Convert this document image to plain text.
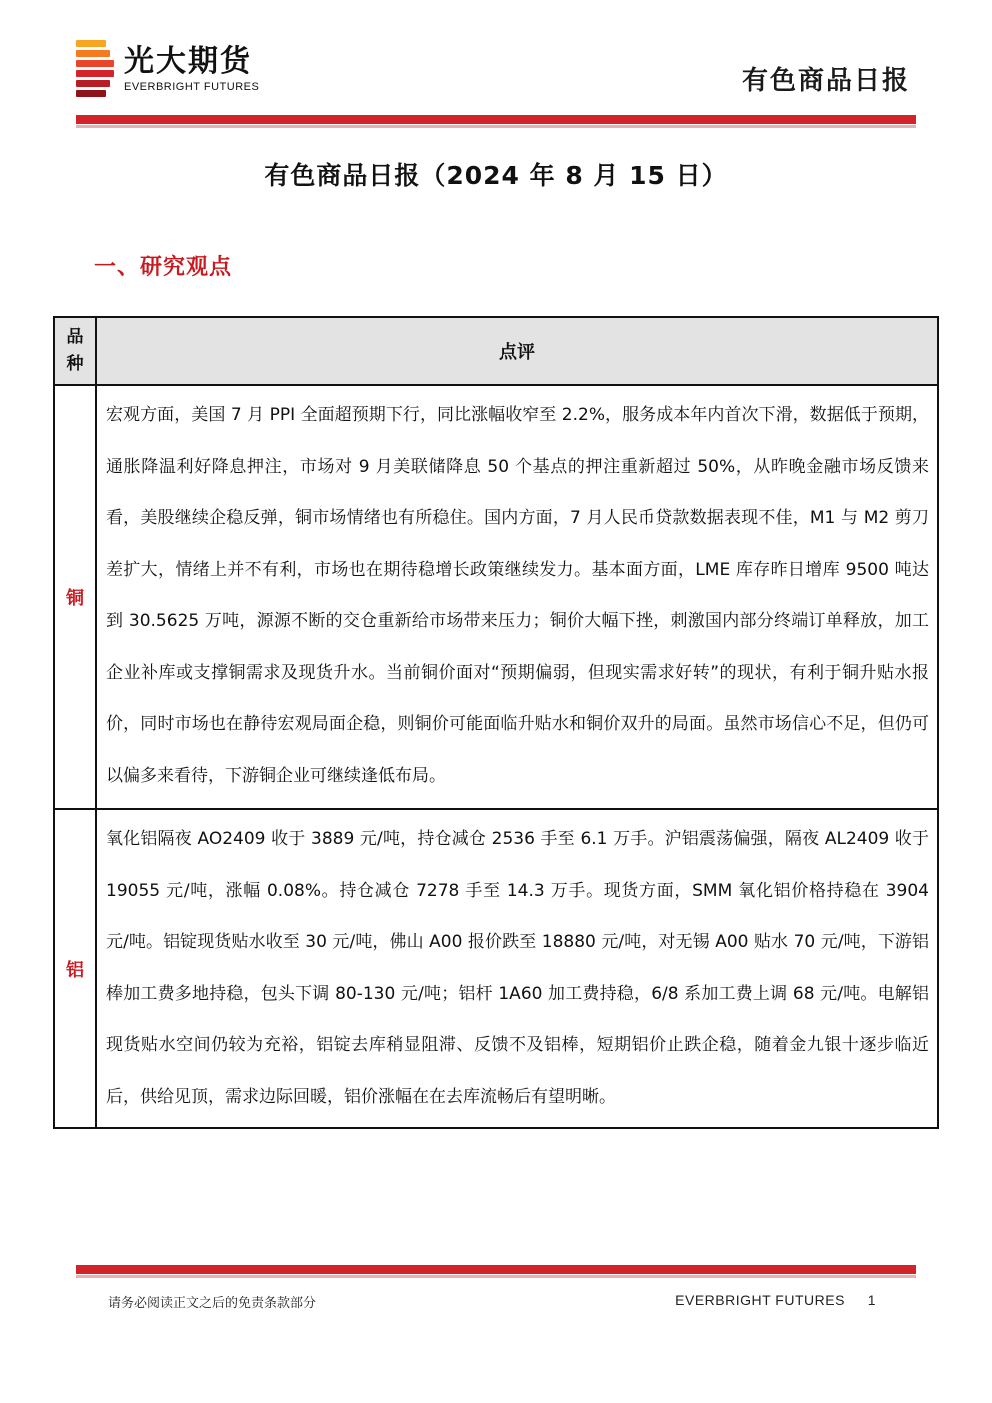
光大期货
EVERBRIGHT FUTURES	有色商品日报
有色商品日报（2024 年 8 月 15 日）
一、研究观点
品种	点评
铜	宏观方面，美国 7 月 PPI 全面超预期下行，同比涨幅收窄至 2.2%，服务成本年内首次下滑，数据低于预期，通胀降温利好降息押注，市场对 9 月美联储降息 50 个基点的押注重新超过 50%，从昨晚金融市场反馈来看，美股继续企稳反弹，铜市场情绪也有所稳住。国内方面，7 月人民币贷款数据表现不佳，M1 与 M2 剪刀差扩大，情绪上并不有利，市场也在期待稳增长政策继续发力。基本面方面，LME 库存昨日增库 9500 吨达到 30.5625 万吨，源源不断的交仓重新给市场带来压力；铜价大幅下挫，刺激国内部分终端订单释放，加工企业补库或支撑铜需求及现货升水。当前铜价面对“预期偏弱，但现实需求好转”的现状，有利于铜升贴水报价，同时市场也在静待宏观局面企稳，则铜价可能面临升贴水和铜价双升的局面。虽然市场信心不足，但仍可以偏多来看待，下游铜企业可继续逢低布局。
铝	氧化铝隔夜 AO2409 收于 3889 元/吨，持仓减仓 2536 手至 6.1 万手。沪铝震荡偏强，隔夜 AL2409 收于 19055 元/吨，涨幅 0.08%。持仓减仓 7278 手至 14.3 万手。现货方面，SMM 氧化铝价格持稳在 3904 元/吨。铝锭现货贴水收至 30 元/吨，佛山 A00 报价跌至 18880 元/吨，对无锡 A00 贴水 70 元/吨，下游铝棒加工费多地持稳，包头下调 80-130 元/吨；铝杆 1A60 加工费持稳，6/8 系加工费上调 68 元/吨。电解铝现货贴水空间仍较为充裕，铝锭去库稍显阻滞、反馈不及铝棒，短期铝价止跌企稳，随着金九银十逐步临近后，供给见顶，需求边际回暖，铝价涨幅在在去库流畅后有望明晰。
请务必阅读正文之后的免责条款部分	EVERBRIGHT FUTURES 1
